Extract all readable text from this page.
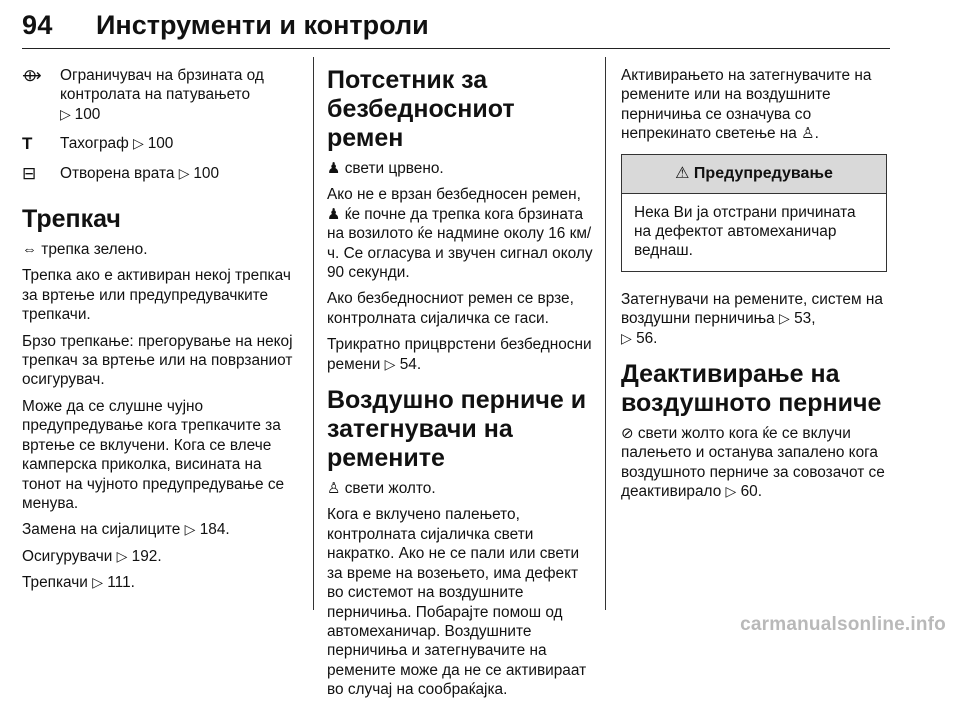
94 Инструменти и контроли
⟴	Ограничувач на брзината од контролата на патувањето
▷ 100
T	Тахограф ▷ 100
⊟	Отворена врата ▷ 100
Трепкач

⇔ трепка зелено.

Трепка ако е активиран некој трепкач за вртење или предупредувачките трепкачи.

Брзо трепкање: прегорување на некој трепкач за вртење или на поврзаниот осигурувач.

Може да се слушне чујно предупредување кога трепкачите за вртење се вклучени. Кога се влече камперска приколка, висината на тонот на чујното предупредување се менува.

Замена на сијалиците ▷ 184.

Осигурувачи ▷ 192.

Трепкачи ▷ 111.

Потсетник за безбедносниот ремен

♟ свети црвено.

Ако не е врзан безбедносен ремен, ♟ ќе почне да трепка кога брзината на возилото ќе надмине околу 16 км/ч. Се огласува и звучен сигнал околу 90 секунди.

Ако безбедносниот ремен се врзе, контролната сијаличка се гаси.

Трикратно прицврстени безбедносни ремени ▷ 54.

Воздушно перниче и затегнувачи на ремените

♙ свети жолто.

Кога е вклучено палењето, контролната сијаличка свети накратко. Ако не се пали или свети за време на возењето, има дефект во системот на воздушните перничиња. Побарајте помош од автомеханичар. Воздушните перничиња и затегнувачите на ремените може да не се активираат во случај на сообраќајка.

Активирањето на затегнувачите на ремените или на воздушните перничиња се означува со непрекинато светење на ♙.

⚠ Предупредување
Нека Ви ја отстрани причината на дефектот автомеханичар веднаш.

Затегнувачи на ремените, систем на воздушни перничиња ▷ 53,
▷ 56.

Деактивирање на воздушното перниче

⊘ свети жолто кога ќе се вклучи палењето и останува запалено кога воздушното перниче за совозачот се деактивирало ▷ 60.

carmanualsonline.info
